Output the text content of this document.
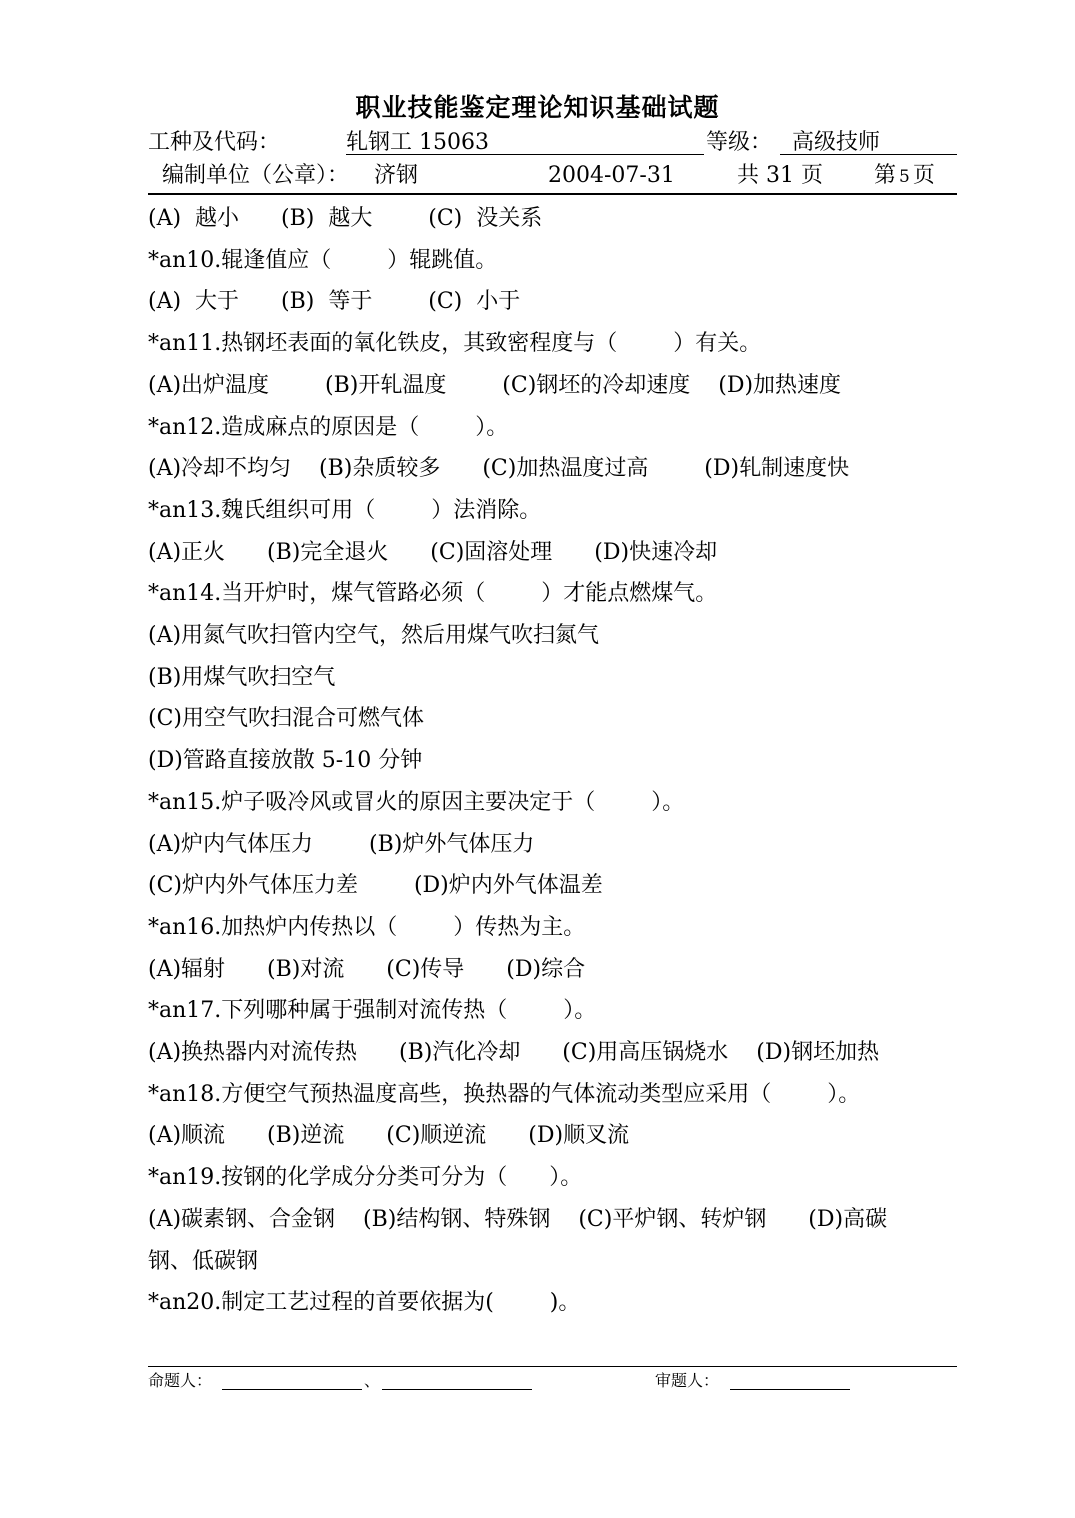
职业技能鉴定理论知识基础试题
工种及代码：	轧钢工 15063	等级： 高级技师
编制单位（公章）： 济钢	2004-07-31	共 31 页 第 5 页
(A)  越小      (B)  越大        (C)  没关系
*an10.辊逢值应（        ）辊跳值。
(A)  大于      (B)  等于        (C)  小于
*an11.热钢坯表面的氧化铁皮，其致密程度与（        ）有关。
(A)出炉温度        (B)开轧温度        (C)钢坯的冷却速度    (D)加热速度
*an12.造成麻点的原因是（        ）。
(A)冷却不均匀    (B)杂质较多      (C)加热温度过高        (D)轧制速度快
*an13.魏氏组织可用（        ）法消除。
(A)正火      (B)完全退火      (C)固溶处理      (D)快速冷却
*an14.当开炉时，煤气管路必须（        ）才能点燃煤气。
(A)用氮气吹扫管内空气，然后用煤气吹扫氮气
(B)用煤气吹扫空气
(C)用空气吹扫混合可燃气体
(D)管路直接放散 5-10 分钟
*an15.炉子吸冷风或冒火的原因主要决定于（        ）。
(A)炉内气体压力        (B)炉外气体压力
(C)炉内外气体压力差        (D)炉内外气体温差
*an16.加热炉内传热以（        ）传热为主。
(A)辐射      (B)对流      (C)传导      (D)综合
*an17.下列哪种属于强制对流传热（        ）。
(A)换热器内对流传热      (B)汽化冷却      (C)用高压锅烧水    (D)钢坯加热
*an18.方便空气预热温度高些，换热器的气体流动类型应采用（        ）。
(A)顺流      (B)逆流      (C)顺逆流      (D)顺叉流
*an19.按钢的化学成分分类可分为（      ）。
(A)碳素钢、合金钢    (B)结构钢、特殊钢    (C)平炉钢、转炉钢      (D)高碳
钢、低碳钢
*an20.制定工艺过程的首要依据为(        )。
命题人：	、	审题人：
